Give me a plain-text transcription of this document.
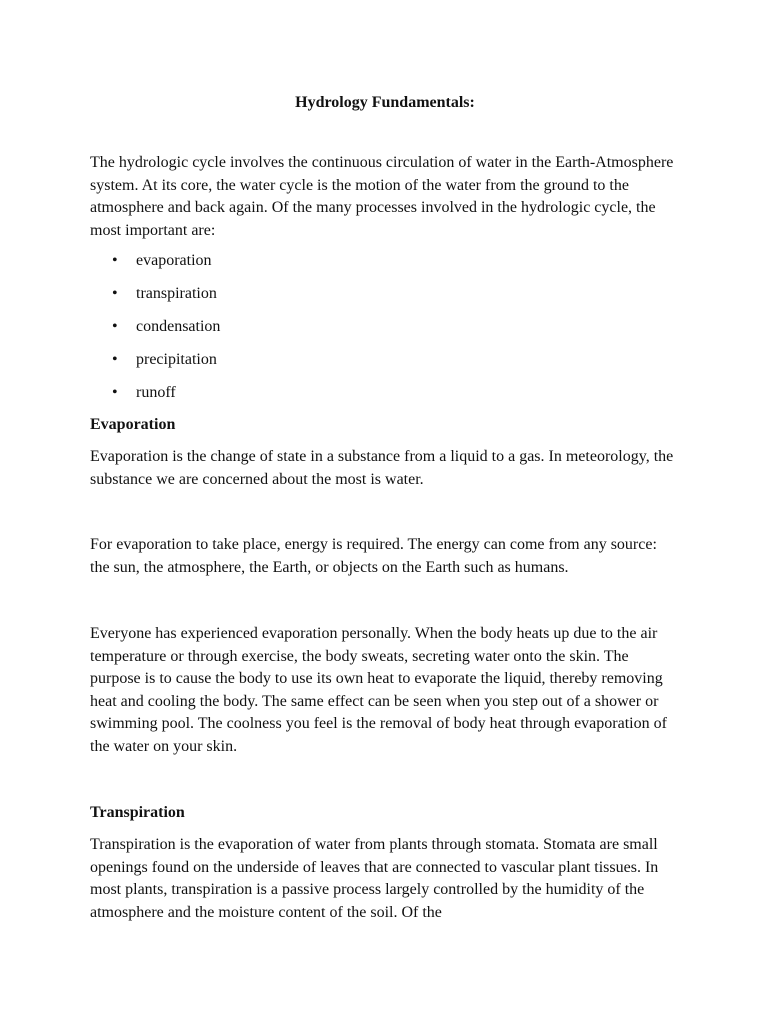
Hydrology Fundamentals:

The hydrologic cycle involves the continuous circulation of water in the Earth-Atmosphere system. At its core, the water cycle is the motion of the water from the ground to the atmosphere and back again. Of the many processes involved in the hydrologic cycle, the most important are:

• evaporation
• transpiration
• condensation
• precipitation
• runoff
Evaporation

Evaporation is the change of state in a substance from a liquid to a gas. In meteorology, the substance we are concerned about the most is water.

For evaporation to take place, energy is required. The energy can come from any source: the sun, the atmosphere, the Earth, or objects on the Earth such as humans.

Everyone has experienced evaporation personally. When the body heats up due to the air temperature or through exercise, the body sweats, secreting water onto the skin. The purpose is to cause the body to use its own heat to evaporate the liquid, thereby removing heat and cooling the body. The same effect can be seen when you step out of a shower or swimming pool. The coolness you feel is the removal of body heat through evaporation of the water on your skin.

Transpiration

Transpiration is the evaporation of water from plants through stomata. Stomata are small openings found on the underside of leaves that are connected to vascular plant tissues. In most plants, transpiration is a passive process largely controlled by the humidity of the atmosphere and the moisture content of the soil. Of the
